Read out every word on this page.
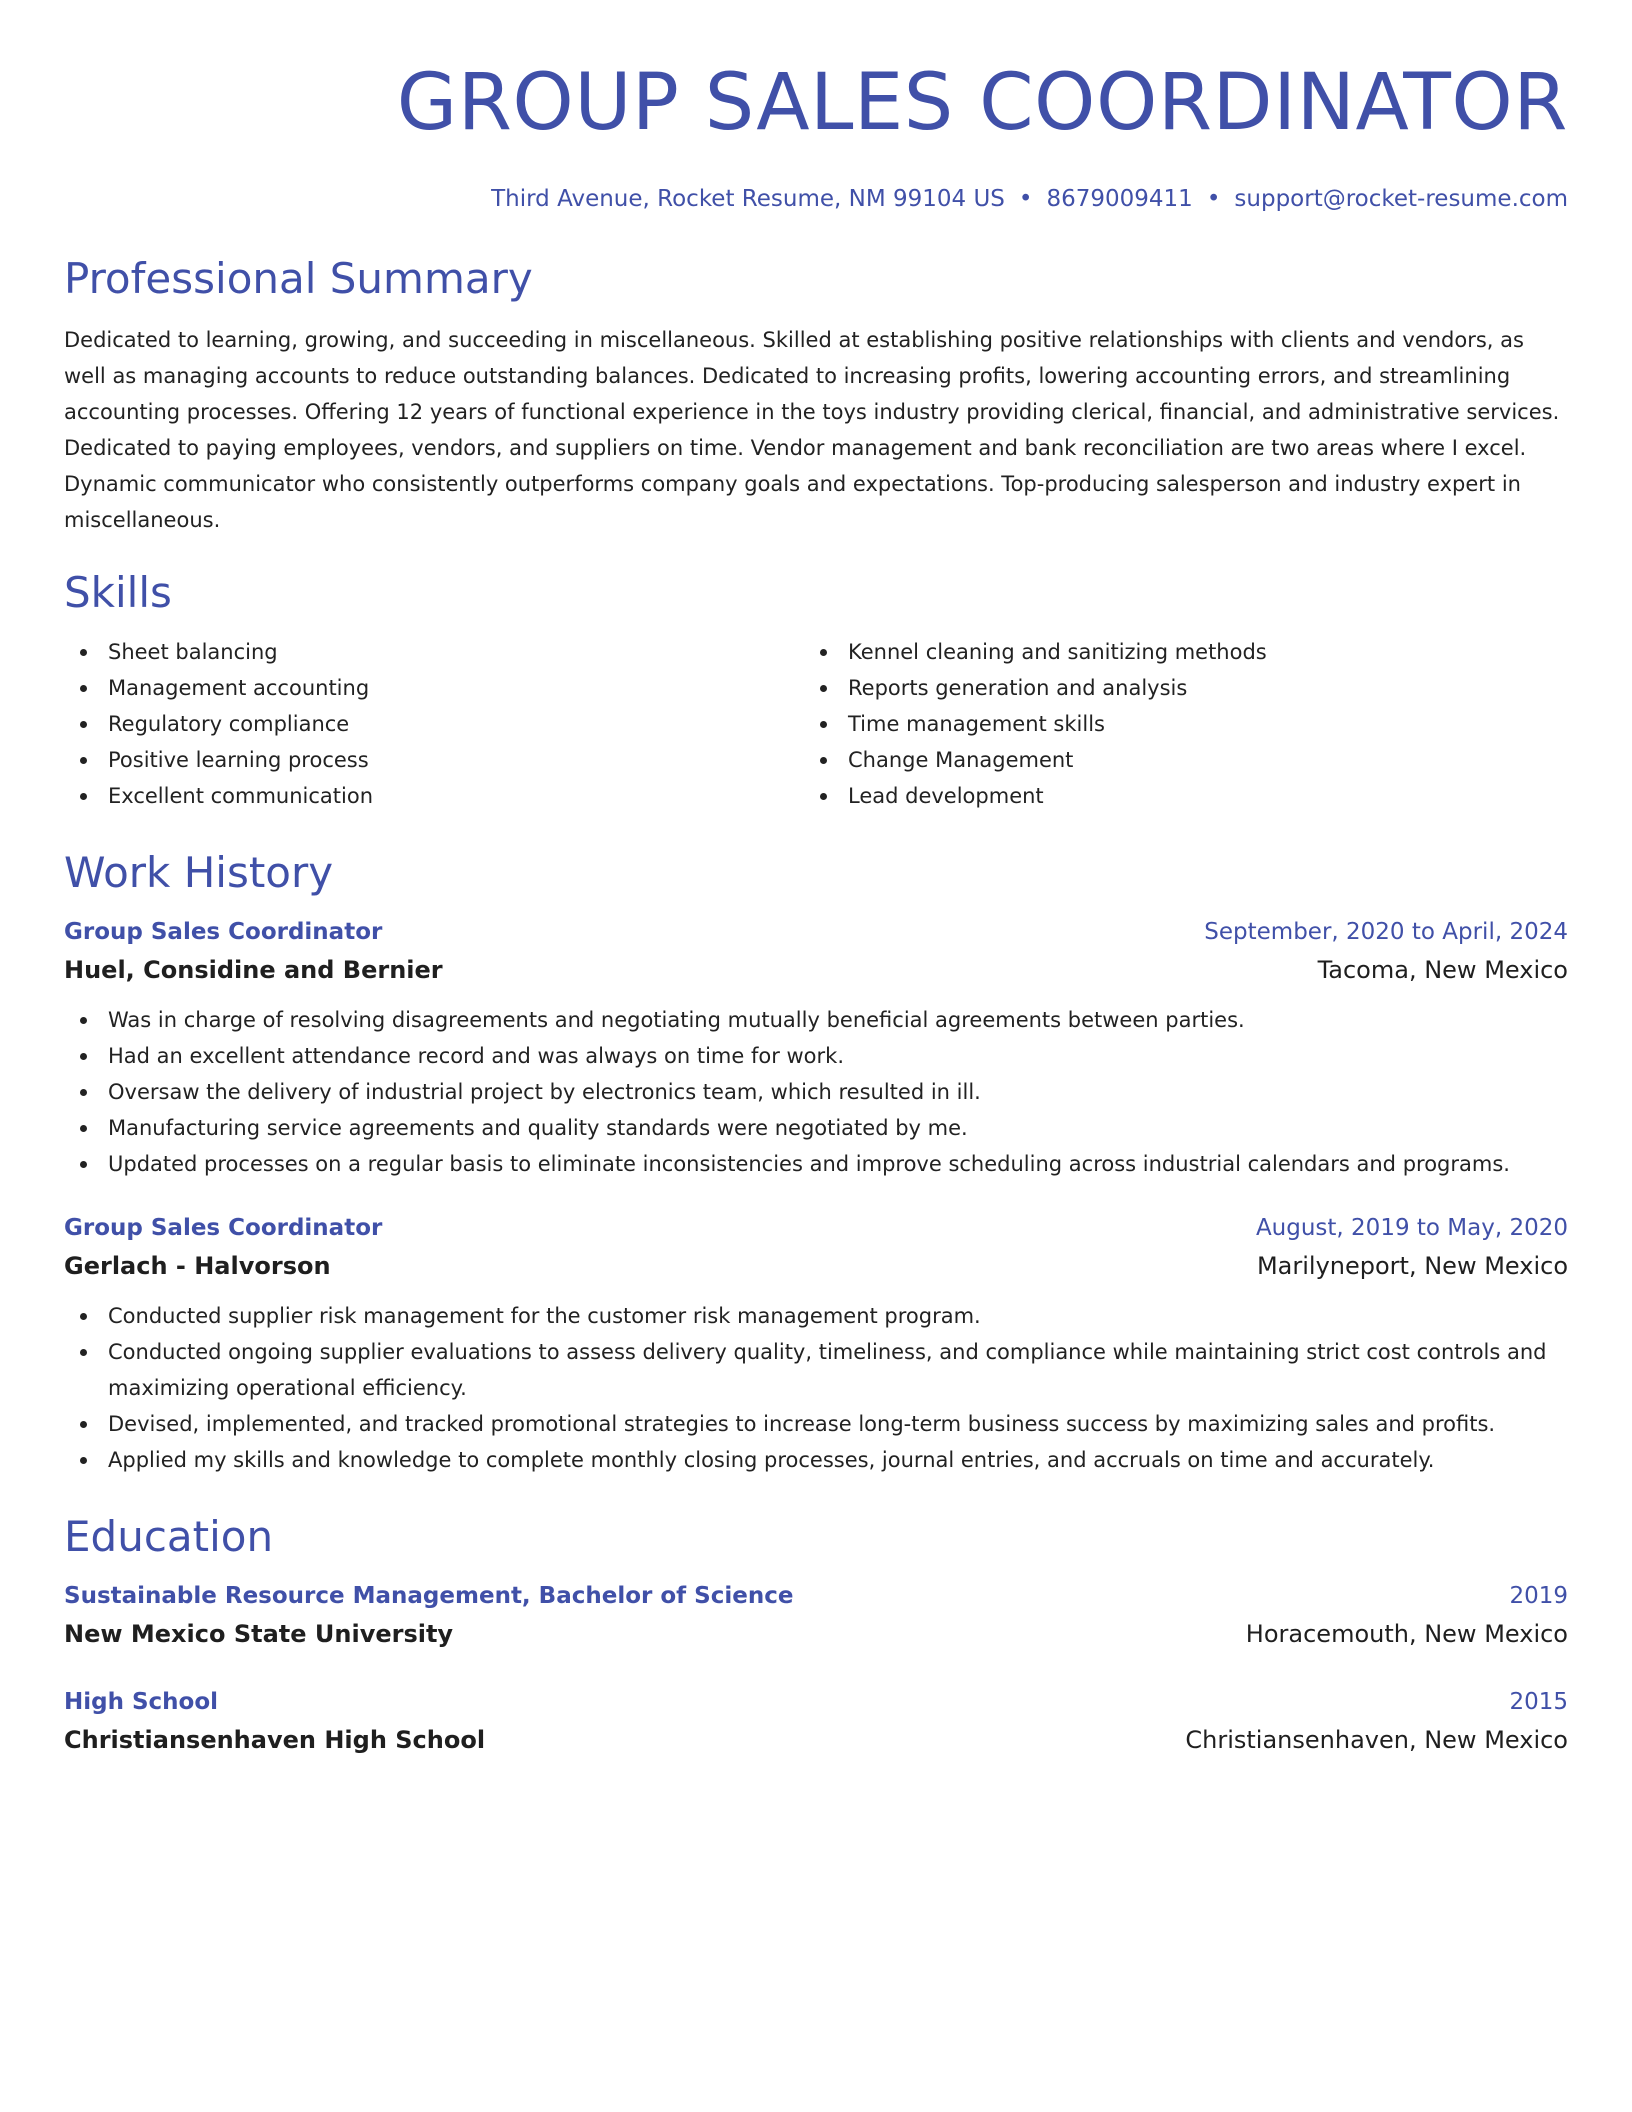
GROUP SALES COORDINATOR
Third Avenue, Rocket Resume, NM 99104 US • 8679009411 • support@rocket-resume.com
Professional Summary

Dedicated to learning, growing, and succeeding in miscellaneous. Skilled at establishing positive relationships with clients and vendors, as well as managing accounts to reduce outstanding balances. Dedicated to increasing profits, lowering accounting errors, and streamlining accounting processes. Offering 12 years of functional experience in the toys industry providing clerical, financial, and administrative services. Dedicated to paying employees, vendors, and suppliers on time. Vendor management and bank reconciliation are two areas where I excel. Dynamic communicator who consistently outperforms company goals and expectations. Top-producing salesperson and industry expert in miscellaneous.

Skills
Sheet balancing
Management accounting
Regulatory compliance
Positive learning process
Excellent communication
Kennel cleaning and sanitizing methods
Reports generation and analysis
Time management skills
Change Management
Lead development
Work History
Group Sales Coordinator	September, 2020 to April, 2024
Huel, Considine and Bernier	Tacoma, New Mexico
Was in charge of resolving disagreements and negotiating mutually beneficial agreements between parties.
Had an excellent attendance record and was always on time for work.
Oversaw the delivery of industrial project by electronics team, which resulted in ill.
Manufacturing service agreements and quality standards were negotiated by me.
Updated processes on a regular basis to eliminate inconsistencies and improve scheduling across industrial calendars and programs.
Group Sales Coordinator	August, 2019 to May, 2020
Gerlach - Halvorson	Marilyneport, New Mexico
Conducted supplier risk management for the customer risk management program.
Conducted ongoing supplier evaluations to assess delivery quality, timeliness, and compliance while maintaining strict cost controls and maximizing operational efficiency.
Devised, implemented, and tracked promotional strategies to increase long-term business success by maximizing sales and profits.
Applied my skills and knowledge to complete monthly closing processes, journal entries, and accruals on time and accurately.
Education
Sustainable Resource Management, Bachelor of Science	2019
New Mexico State University	Horacemouth, New Mexico
High School	2015
Christiansenhaven High School	Christiansenhaven, New Mexico
